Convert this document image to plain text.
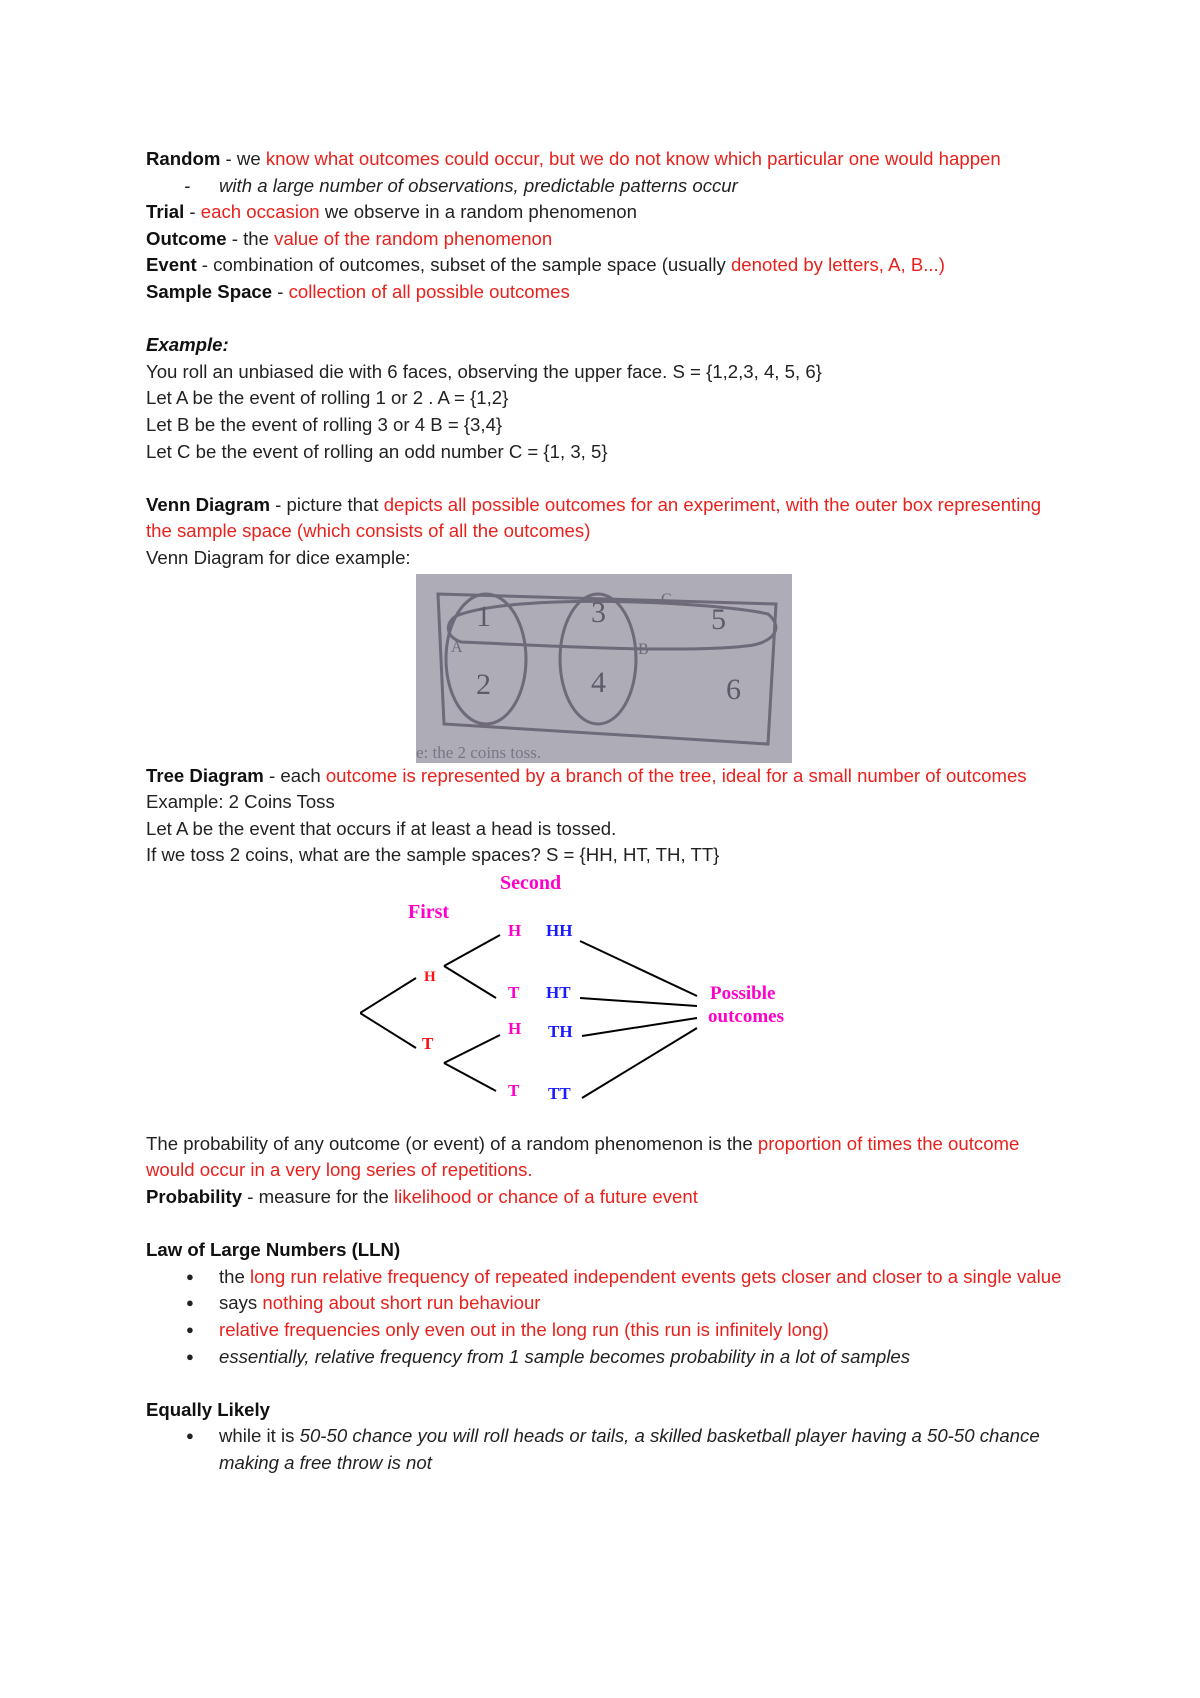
Random - we know what outcomes could occur, but we do not know which particular one would happen

- with a large number of observations, predictable patterns occur

Trial - each occasion we observe in a random phenomenon

Outcome - the value of the random phenomenon

Event - combination of outcomes, subset of the sample space (usually denoted by letters, A, B...)

Sample Space - collection of all possible outcomes

Example:

You roll an unbiased die with 6 faces, observing the upper face. S = {1,2,3, 4, 5, 6}

Let A be the event of rolling 1 or 2 . A = {1,2}

Let B be the event of rolling 3 or 4 B = {3,4}

Let C be the event of rolling an odd number C = {1, 3, 5}

Venn Diagram - picture that depicts all possible outcomes for an experiment, with the outer box representing the sample space (which consists of all the outcomes)

Venn Diagram for dice example:

1
2
3
4
5
6
A	B
C
e: the 2 coins toss.

Tree Diagram - each outcome is represented by a branch of the tree, ideal for a small number of outcomes

Example: 2 Coins Toss

Let A be the event that occurs if at least a head is tossed.

If we toss 2 coins, what are the sample spaces? S = {HH, HT, TH, TT}

First
Second
H
T
H
T
H
T
HH
HT
TH
TT
Possible
outcomes

The probability of any outcome (or event) of a random phenomenon is the proportion of times the outcome would occur in a very long series of repetitions.

Probability - measure for the likelihood or chance of a future event

Law of Large Numbers (LLN)

● the long run relative frequency of repeated independent events gets closer and closer to a single value
● says nothing about short run behaviour
● relative frequencies only even out in the long run (this run is infinitely long)
● essentially, relative frequency from 1 sample becomes probability in a lot of samples

Equally Likely

● while it is 50-50 chance you will roll heads or tails, a skilled basketball player having a 50-50 chance making a free throw is not
